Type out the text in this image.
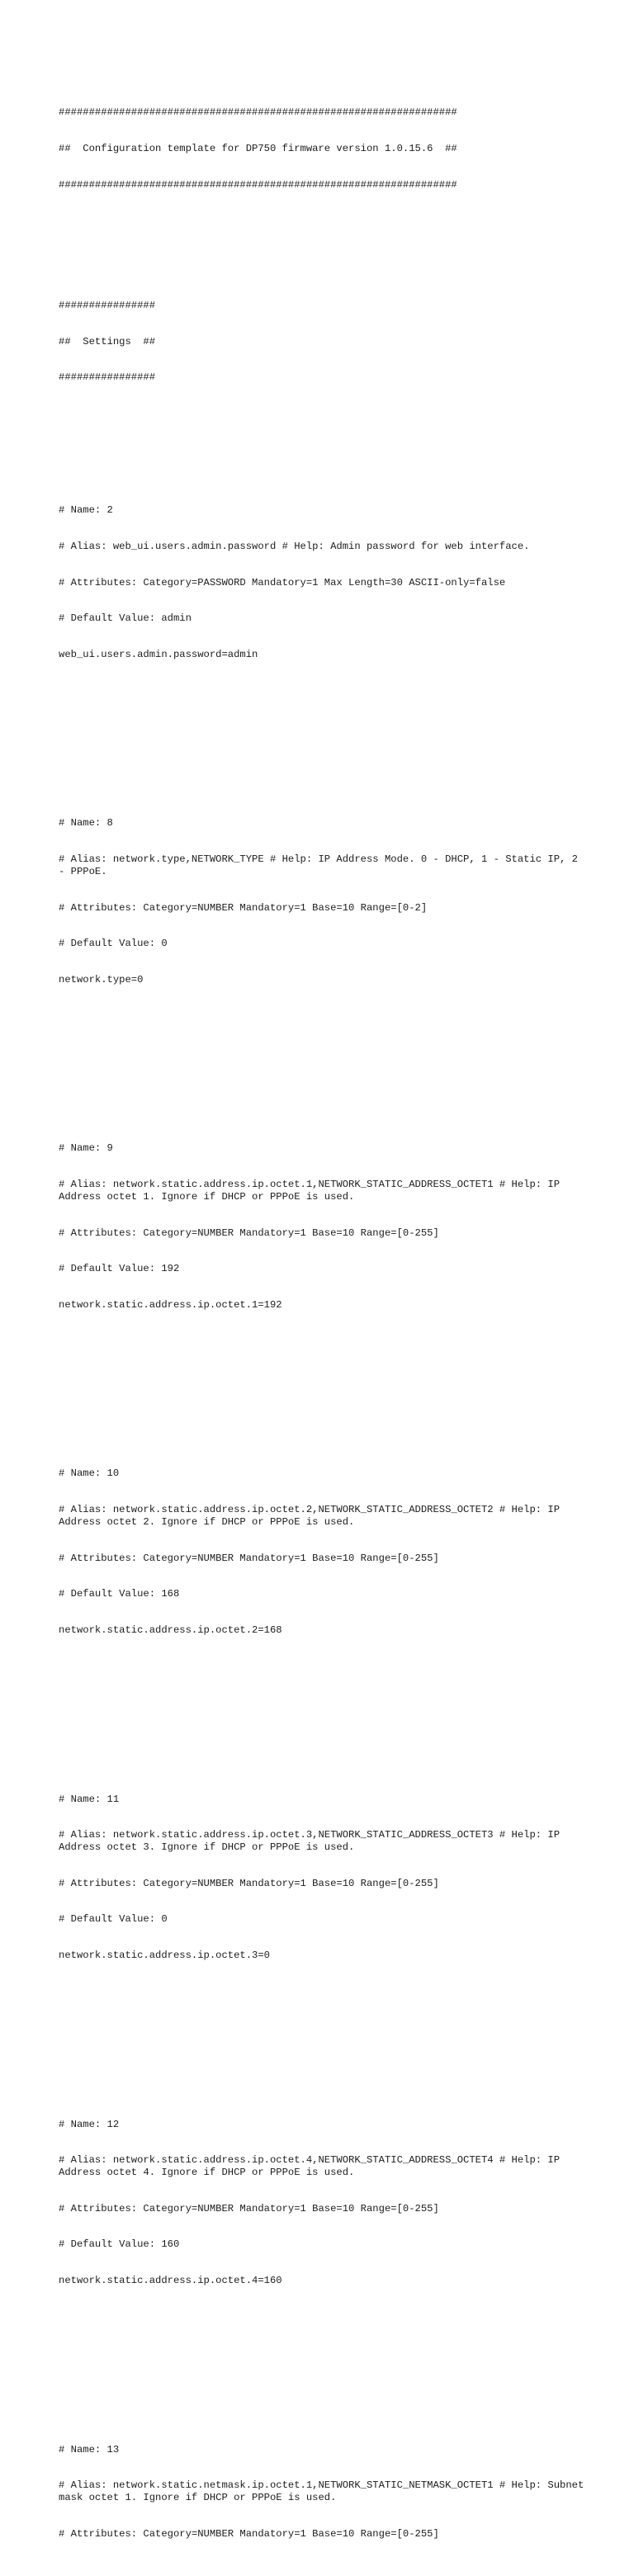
##################################################################

##  Configuration template for DP750 firmware version 1.0.15.6  ##

##################################################################

################

##  Settings  ##

################

# Name: 2

# Alias: web_ui.users.admin.password # Help: Admin password for web interface.

# Attributes: Category=PASSWORD Mandatory=1 Max Length=30 ASCII-only=false

# Default Value: admin

web_ui.users.admin.password=admin

# Name: 8

# Alias: network.type,NETWORK_TYPE # Help: IP Address Mode. 0 - DHCP, 1 - Static IP, 2 - PPPoE.

# Attributes: Category=NUMBER Mandatory=1 Base=10 Range=[0-2]

# Default Value: 0

network.type=0

# Name: 9

# Alias: network.static.address.ip.octet.1,NETWORK_STATIC_ADDRESS_OCTET1 # Help: IP Address octet 1. Ignore if DHCP or PPPoE is used.

# Attributes: Category=NUMBER Mandatory=1 Base=10 Range=[0-255]

# Default Value: 192

network.static.address.ip.octet.1=192

# Name: 10

# Alias: network.static.address.ip.octet.2,NETWORK_STATIC_ADDRESS_OCTET2 # Help: IP Address octet 2. Ignore if DHCP or PPPoE is used.

# Attributes: Category=NUMBER Mandatory=1 Base=10 Range=[0-255]

# Default Value: 168

network.static.address.ip.octet.2=168

# Name: 11

# Alias: network.static.address.ip.octet.3,NETWORK_STATIC_ADDRESS_OCTET3 # Help: IP Address octet 3. Ignore if DHCP or PPPoE is used.

# Attributes: Category=NUMBER Mandatory=1 Base=10 Range=[0-255]

# Default Value: 0

network.static.address.ip.octet.3=0

# Name: 12

# Alias: network.static.address.ip.octet.4,NETWORK_STATIC_ADDRESS_OCTET4 # Help: IP Address octet 4. Ignore if DHCP or PPPoE is used.

# Attributes: Category=NUMBER Mandatory=1 Base=10 Range=[0-255]

# Default Value: 160

network.static.address.ip.octet.4=160

# Name: 13

# Alias: network.static.netmask.ip.octet.1,NETWORK_STATIC_NETMASK_OCTET1 # Help: Subnet mask octet 1. Ignore if DHCP or PPPoE is used.

# Attributes: Category=NUMBER Mandatory=1 Base=10 Range=[0-255]
